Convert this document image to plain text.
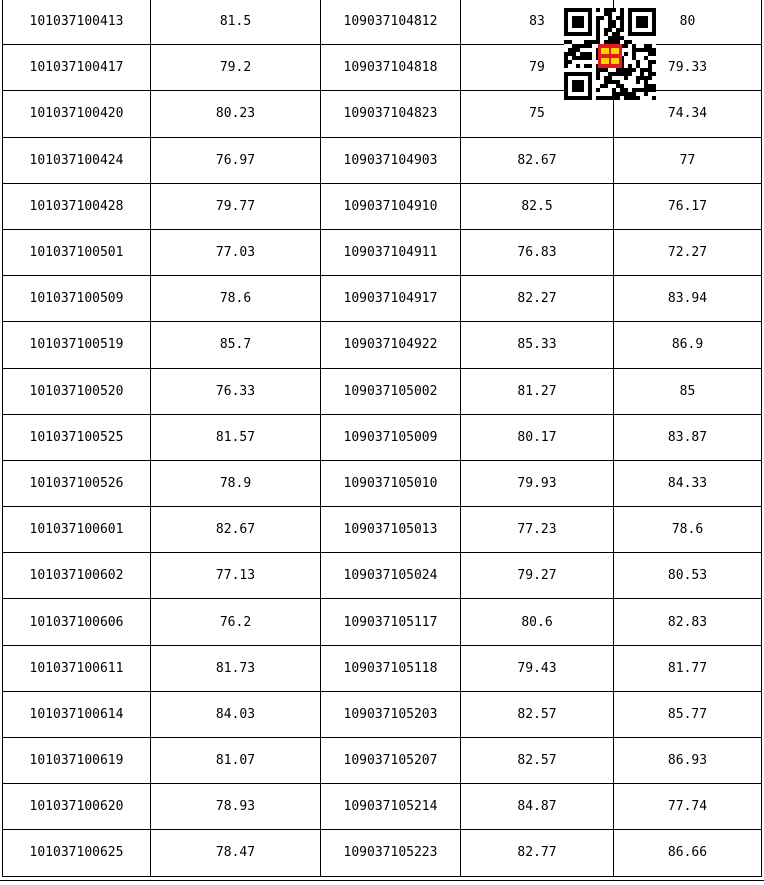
101037100413	81.5	109037104812	83	80
101037100417	79.2	109037104818	79	79.33
101037100420	80.23	109037104823	75	74.34
101037100424	76.97	109037104903	82.67	77
101037100428	79.77	109037104910	82.5	76.17
101037100501	77.03	109037104911	76.83	72.27
101037100509	78.6	109037104917	82.27	83.94
101037100519	85.7	109037104922	85.33	86.9
101037100520	76.33	109037105002	81.27	85
101037100525	81.57	109037105009	80.17	83.87
101037100526	78.9	109037105010	79.93	84.33
101037100601	82.67	109037105013	77.23	78.6
101037100602	77.13	109037105024	79.27	80.53
101037100606	76.2	109037105117	80.6	82.83
101037100611	81.73	109037105118	79.43	81.77
101037100614	84.03	109037105203	82.57	85.77
101037100619	81.07	109037105207	82.57	86.93
101037100620	78.93	109037105214	84.87	77.74
101037100625	78.47	109037105223	82.77	86.66
